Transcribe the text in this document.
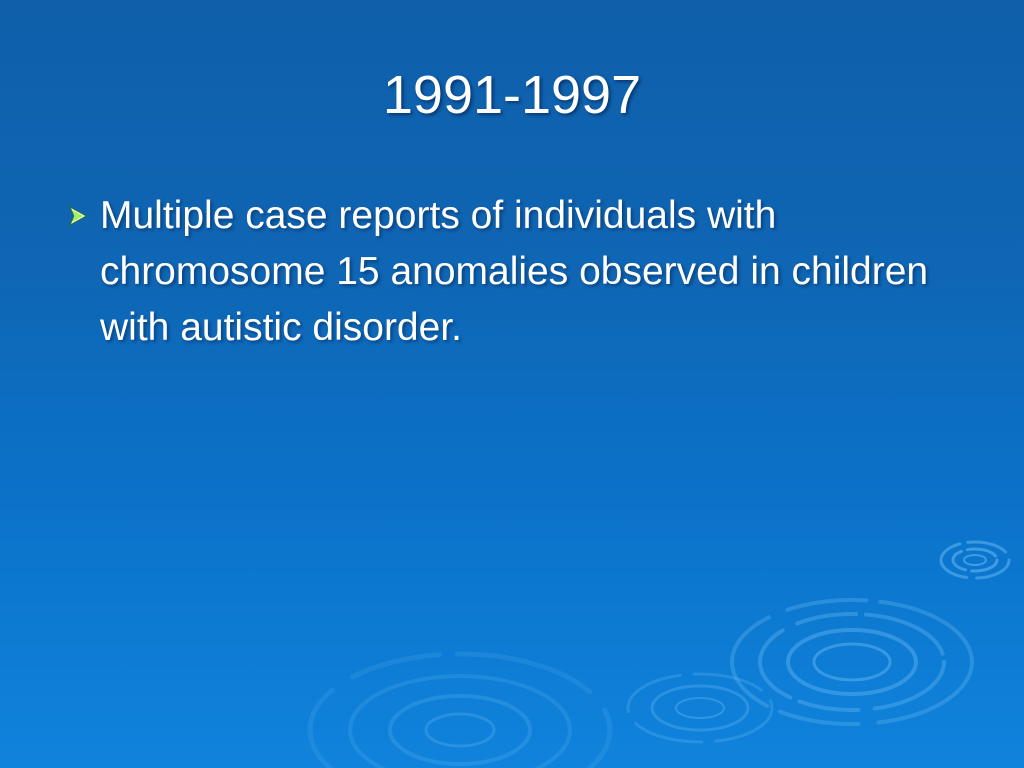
1991-1997
Multiple case reports of individuals with chromosome 15 anomalies observed in children with autistic disorder.
